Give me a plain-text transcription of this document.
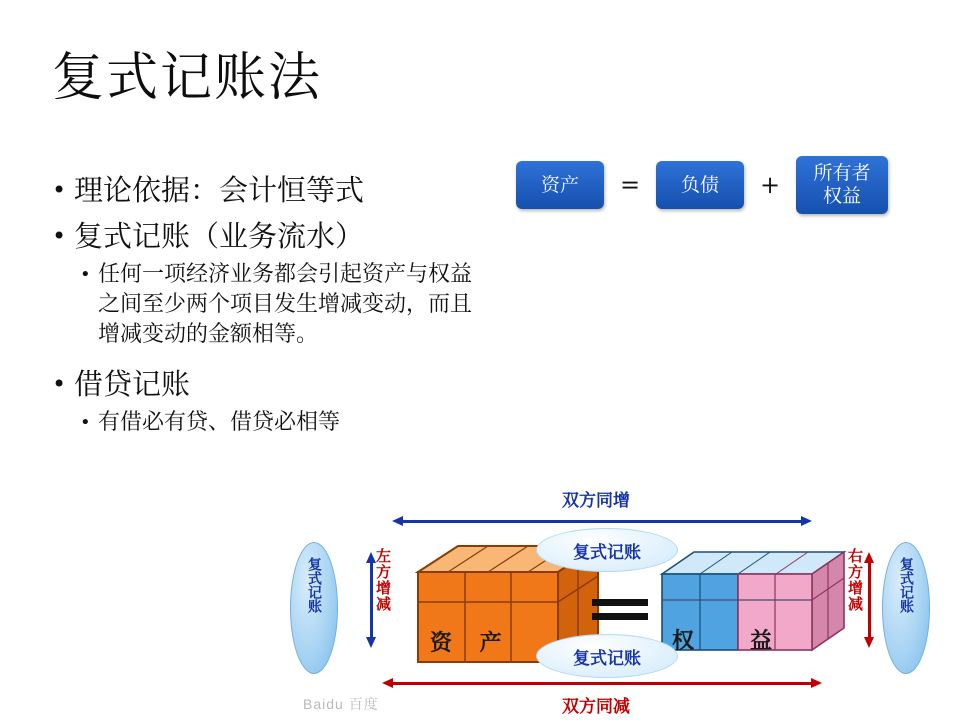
复式记账法
• 理论依据：会计恒等式
• 复式记账（业务流水）
• 任何一项经济业务都会引起资产与权益之间至少两个项目发生增减变动，而且增减变动的金额相等。
• 借贷记账
• 有借必有贷、借贷必相等
资产	=	负债	+	所有者
权益
双方同增
双方同减
复式记账	左方增减
资 产	权	益
右方增减 复式记账
复式记账
复式记账
Baidu 百度
